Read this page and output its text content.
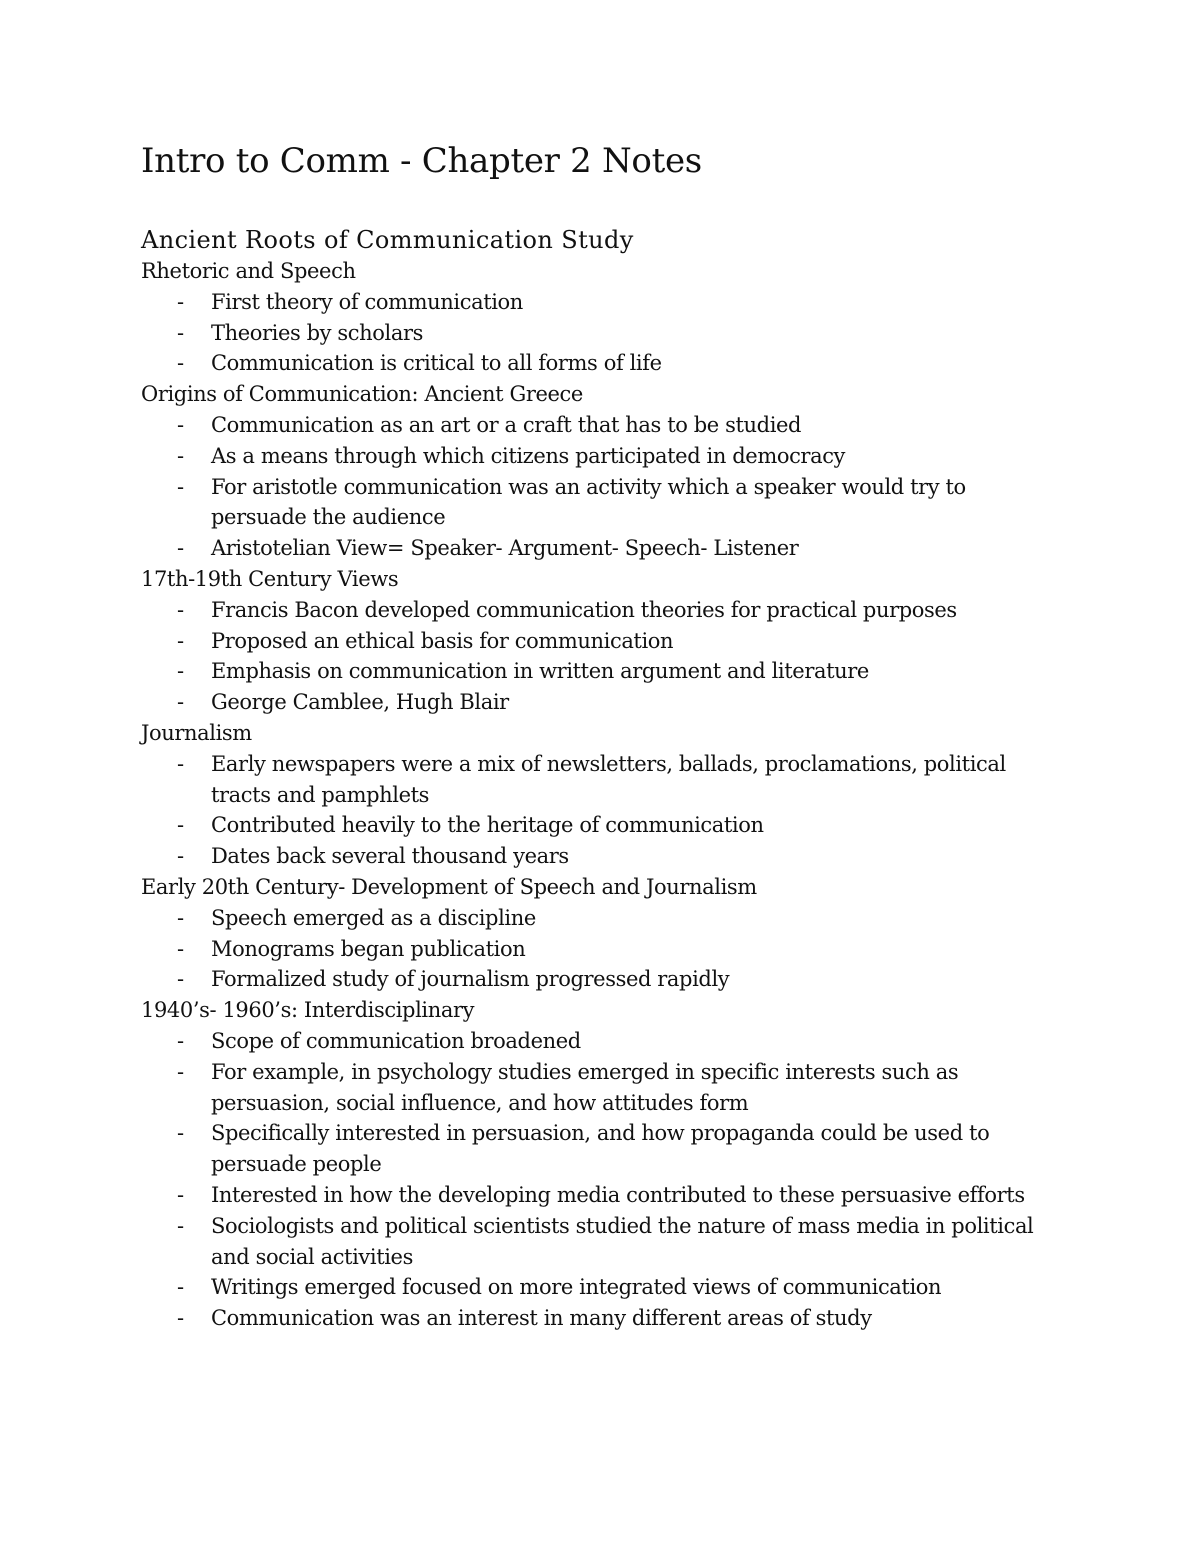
Intro to Comm - Chapter 2 Notes
Ancient Roots of Communication Study

Rhetoric and Speech

- First theory of communication
- Theories by scholars
- Communication is critical to all forms of life

Origins of Communication: Ancient Greece

- Communication as an art or a craft that has to be studied
- As a means through which citizens participated in democracy
- For aristotle communication was an activity which a speaker would try to persuade the audience
- Aristotelian View= Speaker- Argument- Speech- Listener

17th-19th Century Views

- Francis Bacon developed communication theories for practical purposes
- Proposed an ethical basis for communication
- Emphasis on communication in written argument and literature
- George Camblee, Hugh Blair

Journalism

- Early newspapers were a mix of newsletters, ballads, proclamations, political tracts and pamphlets
- Contributed heavily to the heritage of communication
- Dates back several thousand years

Early 20th Century- Development of Speech and Journalism

- Speech emerged as a discipline
- Monograms began publication
- Formalized study of journalism progressed rapidly

1940’s- 1960’s: Interdisciplinary

- Scope of communication broadened
- For example, in psychology studies emerged in specific interests such as persuasion, social influence, and how attitudes form
- Specifically interested in persuasion, and how propaganda could be used to persuade people
- Interested in how the developing media contributed to these persuasive efforts
- Sociologists and political scientists studied the nature of mass media in political and social activities
- Writings emerged focused on more integrated views of communication
- Communication was an interest in many different areas of study
